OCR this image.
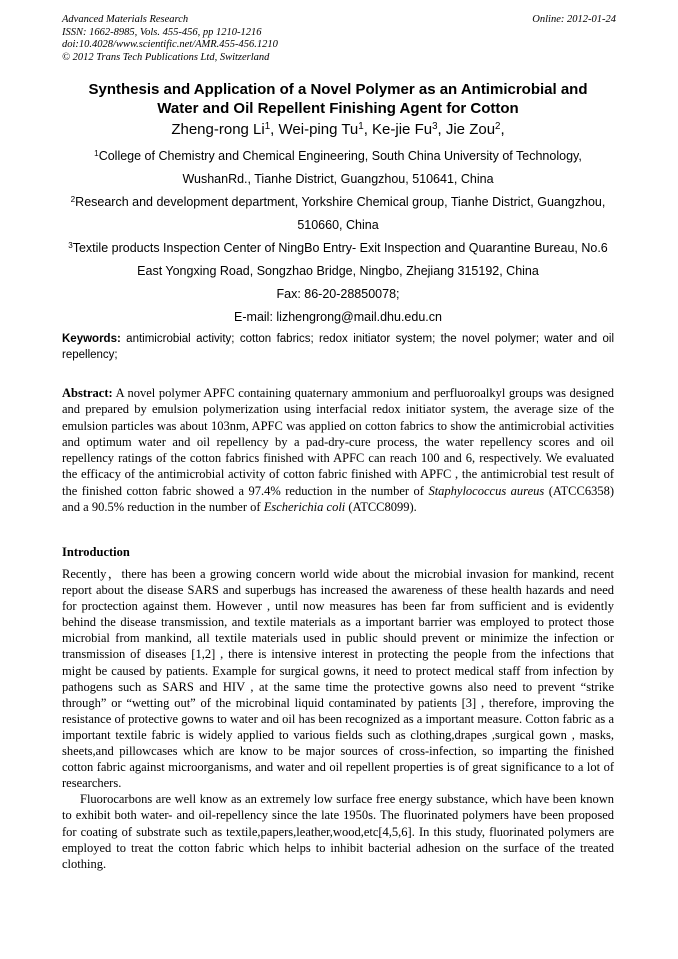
Advanced Materials Research
ISSN: 1662-8985, Vols. 455-456, pp 1210-1216
doi:10.4028/www.scientific.net/AMR.455-456.1210
© 2012 Trans Tech Publications Ltd, Switzerland
Online: 2012-01-24
Synthesis and Application of a Novel Polymer as an Antimicrobial and
Water and Oil Repellent Finishing Agent for Cotton
Zheng-rong Li$^1$, Wei-ping Tu$^1$, Ke-jie Fu$^3$, Jie Zou$^2$,
$^1$College of Chemistry and Chemical Engineering, South China University of Technology,
WushanRd., Tianhe District, Guangzhou, 510641, China
$^2$Research and development department, Yorkshire Chemical group, Tianhe District, Guangzhou,
510660, China
$^3$Textile products Inspection Center of NingBo Entry- Exit Inspection and Quarantine Bureau, No.6
East Yongxing Road, Songzhao Bridge, Ningbo, Zhejiang 315192, China
Fax: 86-20-28850078;
E-mail: lizhengrong@mail.dhu.edu.cn
Keywords: antimicrobial activity; cotton fabrics; redox initiator system; the novel polymer; water and oil repellency;
Abstract: A novel polymer APFC containing quaternary ammonium and perfluoroalkyl groups was designed and prepared by emulsion polymerization using interfacial redox initiator system, the average size of the emulsion particles was about 103nm, APFC was applied on cotton fabrics to show the antimicrobial activities and optimum water and oil repellency by a pad-dry-cure process, the water repellency scores and oil repellency ratings of the cotton fabrics finished with APFC can reach 100 and 6, respectively. We evaluated the efficacy of the antimicrobial activity of cotton fabric finished with APFC , the antimicrobial test result of the finished cotton fabric showed a 97.4% reduction in the number of Staphylococcus aureus (ATCC6358) and a 90.5% reduction in the number of Escherichia coli (ATCC8099).
Introduction

Recently，there has been a growing concern world wide about the microbial invasion for mankind, recent report about the disease SARS and superbugs has increased the awareness of these health hazards and need for proctection against them. However , until now measures has been far from sufficient and is evidently behind the disease transmission, and textile materials as a important barrier was employed to protect those microbial from mankind, all textile materials used in public should prevent or minimize the infection or transmission of diseases [1,2] , there is intensive interest in protecting the people from the infections that might be caused by patients. Example for surgical gowns, it need to protect medical staff from infection by pathogens such as SARS and HIV , at the same time the protective gowns also need to prevent “strike through” or “wetting out” of the microbinal liquid contaminated by patients [3] , therefore, improving the resistance of protective gowns to water and oil has been recognized as a important measure. Cotton fabric as a important textile fabric is widely applied to various fields such as clothing,drapes ,surgical gown , masks, sheets,and pillowcases which are know to be major sources of cross-infection, so imparting the finished cotton fabric against microorganisms, and water and oil repellent properties is of great significance to a lot of researchers.

Fluorocarbons are well know as an extremely low surface free energy substance, which have been known to exhibit both water- and oil-repellency since the late 1950s. The fluorinated polymers have been proposed for coating of substrate such as textile,papers,leather,wood,etc[4,5,6]. In this study, fluorinated polymers are employed to treat the cotton fabric which helps to inhibit bacterial adhesion on the surface of the treated clothing.
